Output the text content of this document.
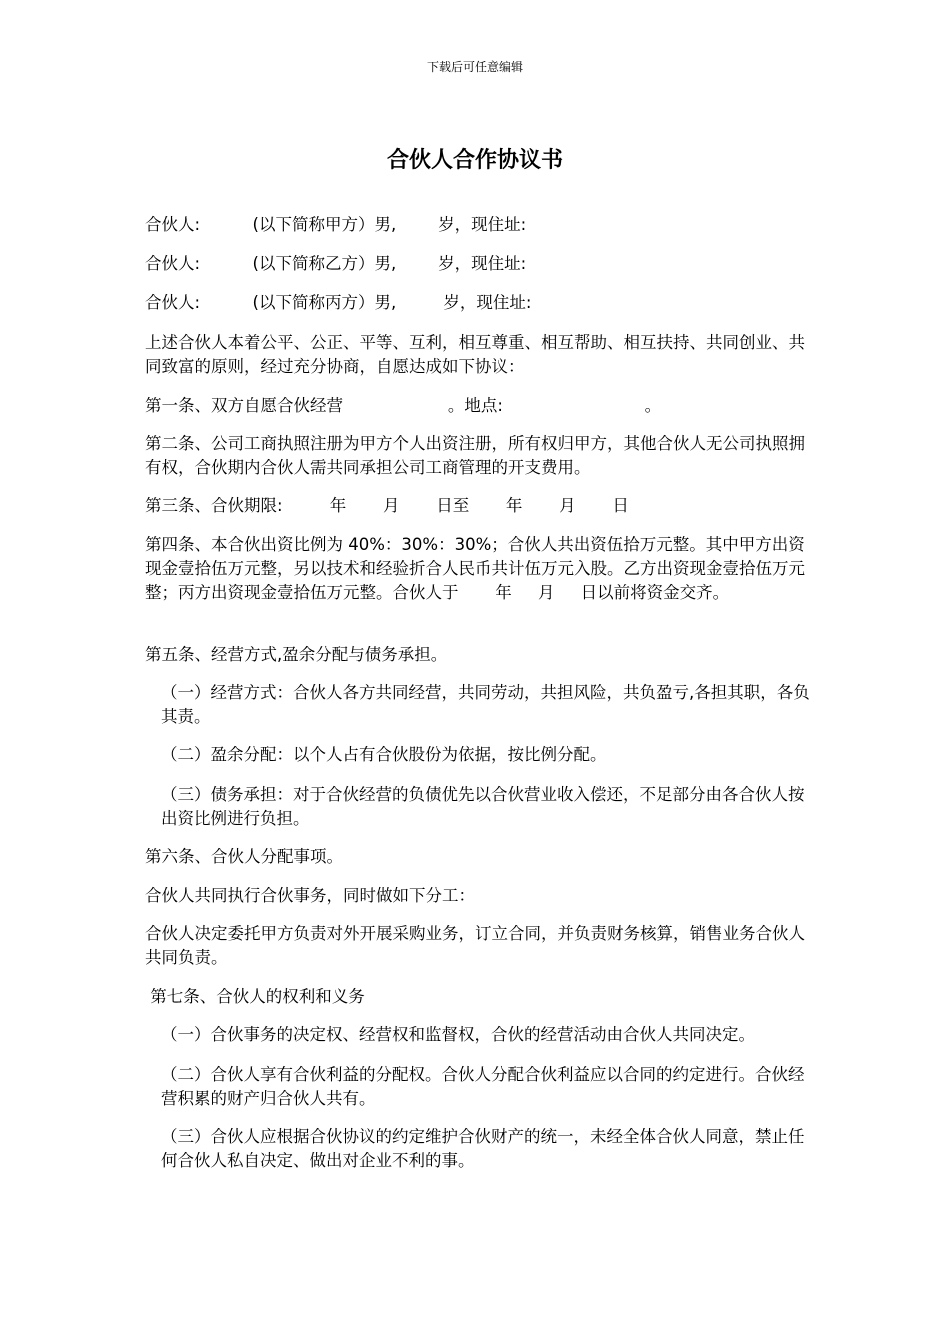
下载后可任意编辑
合伙人合作协议书
合伙人:          (以下简称甲方）男,        岁，现住址:
合伙人:          (以下简称乙方）男,        岁，现住址:
合伙人:          (以下简称丙方）男,         岁，现住址:
上述合伙人本着公平、公正、平等、互利，相互尊重、相互帮助、相互扶持、共同创业、共同致富的原则，经过充分协商，自愿达成如下协议：
第一条、双方自愿合伙经营                    。地点:                           。
第二条、公司工商执照注册为甲方个人出资注册，所有权归甲方，其他合伙人无公司执照拥有权，合伙期内合伙人需共同承担公司工商管理的开支费用。
第三条、合伙期限:         年       月       日至       年       月       日
第四条、本合伙出资比例为 40%：30%：30%；合伙人共出资伍拾万元整。其中甲方出资现金壹拾伍万元整，另以技术和经验折合人民币共计伍万元入股。乙方出资现金壹拾伍万元整；丙方出资现金壹拾伍万元整。合伙人于       年     月     日以前将资金交齐。
第五条、经营方式,盈余分配与债务承担。
（一）经营方式：合伙人各方共同经营，共同劳动，共担风险，共负盈亏,各担其职，各负其责。
（二）盈余分配：以个人占有合伙股份为依据，按比例分配。
（三）债务承担：对于合伙经营的负债优先以合伙营业收入偿还，不足部分由各合伙人按出资比例进行负担。
第六条、合伙人分配事项。
合伙人共同执行合伙事务，同时做如下分工：
合伙人决定委托甲方负责对外开展采购业务，订立合同，并负责财务核算，销售业务合伙人共同负责。
第七条、合伙人的权利和义务
（一）合伙事务的决定权、经营权和监督权，合伙的经营活动由合伙人共同决定。
（二）合伙人享有合伙利益的分配权。合伙人分配合伙利益应以合同的约定进行。合伙经营积累的财产归合伙人共有。
（三）合伙人应根据合伙协议的约定维护合伙财产的统一，未经全体合伙人同意，禁止任何合伙人私自决定、做出对企业不利的事。
